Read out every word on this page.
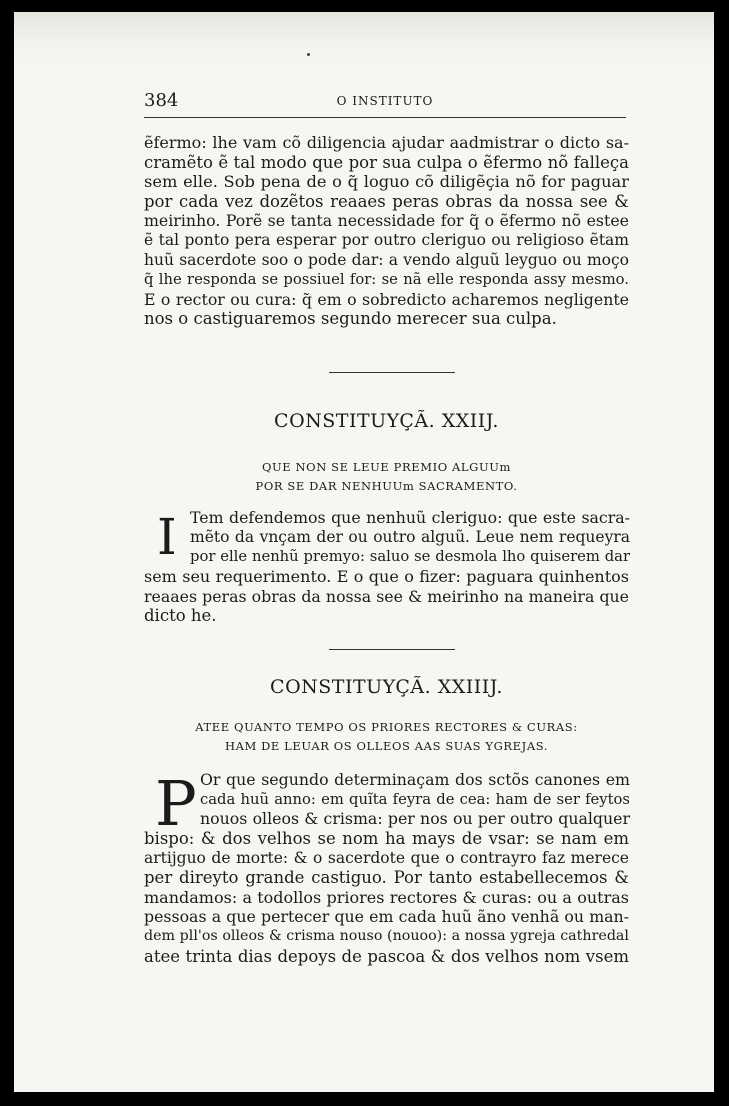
384	O INSTITUTO
ẽfermo: lhe vam cõ diligencia ajudar aadmistrar o dicto sa-
cramẽto ẽ tal modo que por sua culpa o ẽfermo nõ falleça
sem elle. Sob pena de o q̃ loguo cõ diligẽçia nõ for paguar
por cada vez dozẽtos reaaes peras obras da nossa see &
meirinho. Porẽ se tanta necessidade for q̃ o ẽfermo nõ estee
ẽ tal ponto pera esperar por outro cleriguo ou religioso ẽtam
huũ sacerdote soo o pode dar: a vendo alguũ leyguo ou moço
q̃ lhe responda se possiuel for: se nã elle responda assy mesmo.
E o rector ou cura: q̃ em o sobredicto acharemos negligente
nos o castiguaremos segundo merecer sua culpa.
CONSTITUYÇÃ. XXIIJ.
QUE NON SE LEUE PREMIO ALGUUm
POR SE DAR NENHUUm SACRAMENTO.
I Tem defendemos que nenhuũ cleriguo: que este sacra-
mẽto da vnçam der ou outro alguũ. Leue nem requeyra
por elle nenhũ premyo: saluo se desmola lho quiserem dar
sem seu requerimento. E o que o fizer: paguara quinhentos
reaaes peras obras da nossa see & meirinho na maneira que
dicto he.
CONSTITUYÇÃ. XXIIIJ.
ATEE QUANTO TEMPO OS PRIORES RECTORES & CURAS:
HAM DE LEUAR OS OLLEOS AAS SUAS YGREJAS.
P Or que segundo determinaçam dos sctõs canones em
cada huũ anno: em quĩta feyra de cea: ham de ser feytos
nouos olleos & crisma: per nos ou per outro qualquer
bispo: & dos velhos se nom ha mays de vsar: se nam em
artijguo de morte: & o sacerdote que o contrayro faz merece
per direyto grande castiguo. Por tanto estabellecemos &
mandamos: a todollos priores rectores & curas: ou a outras
pessoas a que pertecer que em cada huũ ãno venhã ou man-
dem pll'os olleos & crisma nouso (nouoo): a nossa ygreja cathredal
atee trinta dias depoys de pascoa & dos velhos nom vsem
